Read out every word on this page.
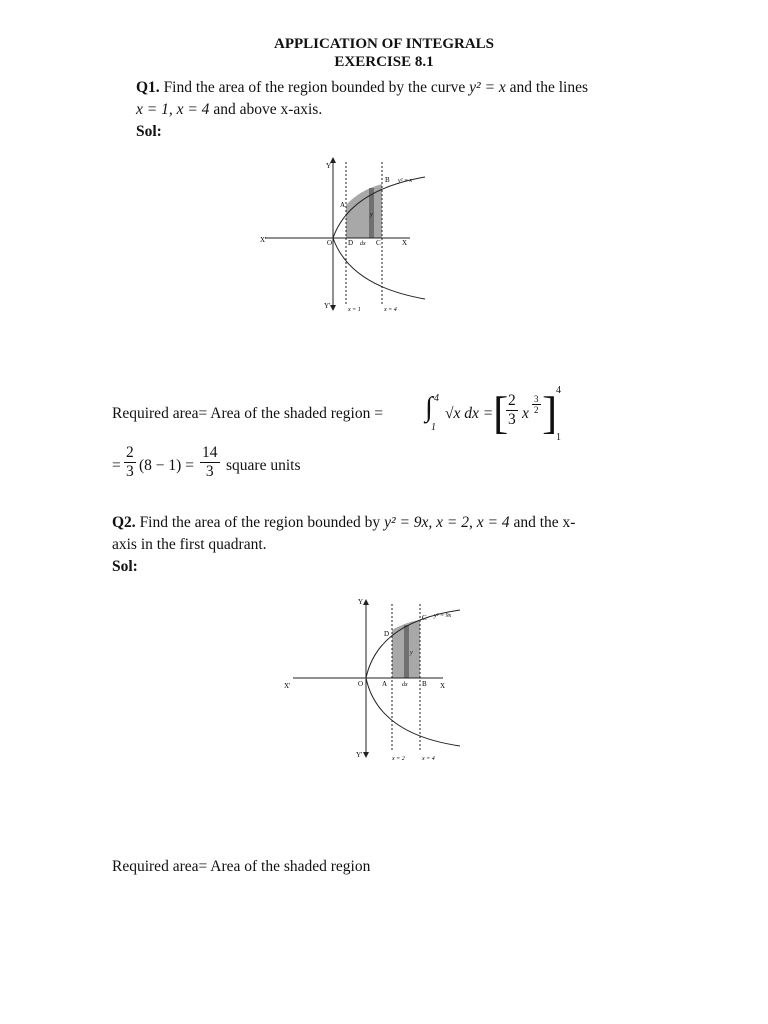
APPLICATION OF INTEGRALS
EXERCISE 8.1
Q1. Find the area of the region bounded by the curve y² = x and the lines
x = 1, x = 4 and above x-axis.
Sol:
Y
Y'
X'	X
O
A
B
C
D dx
y
y² = x
x = 1	x = 4
Required area= Area of the shaded region = ∫ 4
1
√x dx = [
$\frac{2}{3}$ x $\frac{3}{2}$ ]
4
1
= $\frac{2}{3} (8 - 1) = \frac{14}{3}$ square units
Q2. Find the area of the region bounded by y² = 9x, x = 2, x = 4 and the x-
axis in the first quadrant.
Sol:
Y
Y'
X'	X
O	A	B
C
D
dx
y
y² = 9x
x = 2	x = 4
Required area= Area of the shaded region
